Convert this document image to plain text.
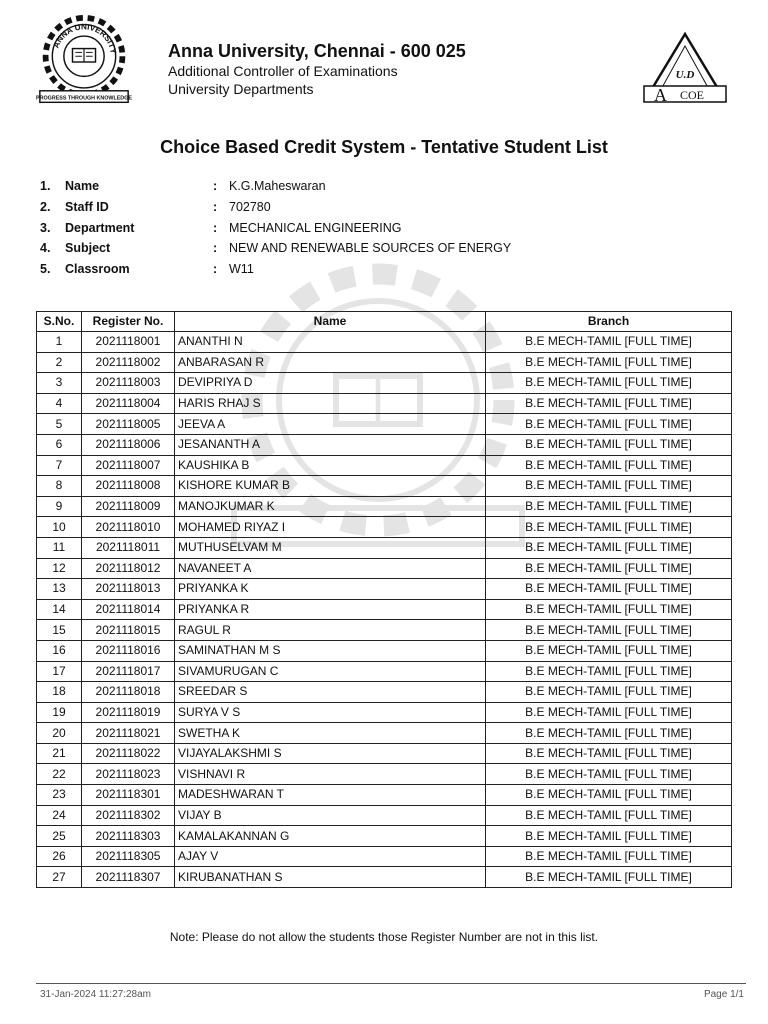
ANNA UNIVERSITY
PROGRESS THROUGH KNOWLEDGE
Anna University, Chennai - 600 025
Additional Controller of Examinations
University Departments
U.D
A COE
Choice Based Credit System - Tentative Student List
1.	Name	: K.G.Maheswaran
2.	Staff ID	: 702780
3.	Department	: MECHANICAL ENGINEERING
4.	Subject	: NEW AND RENEWABLE SOURCES OF ENERGY
5.	Classroom	: W11
S.No.	Register No.	Name	Branch
1	2021118001	ANANTHI N	B.E MECH-TAMIL [FULL TIME]
2	2021118002	ANBARASAN R	B.E MECH-TAMIL [FULL TIME]
3	2021118003	DEVIPRIYA D	B.E MECH-TAMIL [FULL TIME]
4	2021118004	HARIS RHAJ S	B.E MECH-TAMIL [FULL TIME]
5	2021118005	JEEVA A	B.E MECH-TAMIL [FULL TIME]
6	2021118006	JESANANTH A	B.E MECH-TAMIL [FULL TIME]
7	2021118007	KAUSHIKA B	B.E MECH-TAMIL [FULL TIME]
8	2021118008	KISHORE KUMAR B	B.E MECH-TAMIL [FULL TIME]
9	2021118009	MANOJKUMAR K	B.E MECH-TAMIL [FULL TIME]
10	2021118010	MOHAMED RIYAZ I	B.E MECH-TAMIL [FULL TIME]
11	2021118011	MUTHUSELVAM M	B.E MECH-TAMIL [FULL TIME]
12	2021118012	NAVANEET A	B.E MECH-TAMIL [FULL TIME]
13	2021118013	PRIYANKA K	B.E MECH-TAMIL [FULL TIME]
14	2021118014	PRIYANKA R	B.E MECH-TAMIL [FULL TIME]
15	2021118015	RAGUL R	B.E MECH-TAMIL [FULL TIME]
16	2021118016	SAMINATHAN M S	B.E MECH-TAMIL [FULL TIME]
17	2021118017	SIVAMURUGAN C	B.E MECH-TAMIL [FULL TIME]
18	2021118018	SREEDAR S	B.E MECH-TAMIL [FULL TIME]
19	2021118019	SURYA V S	B.E MECH-TAMIL [FULL TIME]
20	2021118021	SWETHA K	B.E MECH-TAMIL [FULL TIME]
21	2021118022	VIJAYALAKSHMI S	B.E MECH-TAMIL [FULL TIME]
22	2021118023	VISHNAVI R	B.E MECH-TAMIL [FULL TIME]
23	2021118301	MADESHWARAN T	B.E MECH-TAMIL [FULL TIME]
24	2021118302	VIJAY B	B.E MECH-TAMIL [FULL TIME]
25	2021118303	KAMALAKANNAN G	B.E MECH-TAMIL [FULL TIME]
26	2021118305	AJAY V	B.E MECH-TAMIL [FULL TIME]
27	2021118307	KIRUBANATHAN S	B.E MECH-TAMIL [FULL TIME]
Note: Please do not allow the students those Register Number are not in this list.
31-Jan-2024 11:27:28am	Page 1/1
